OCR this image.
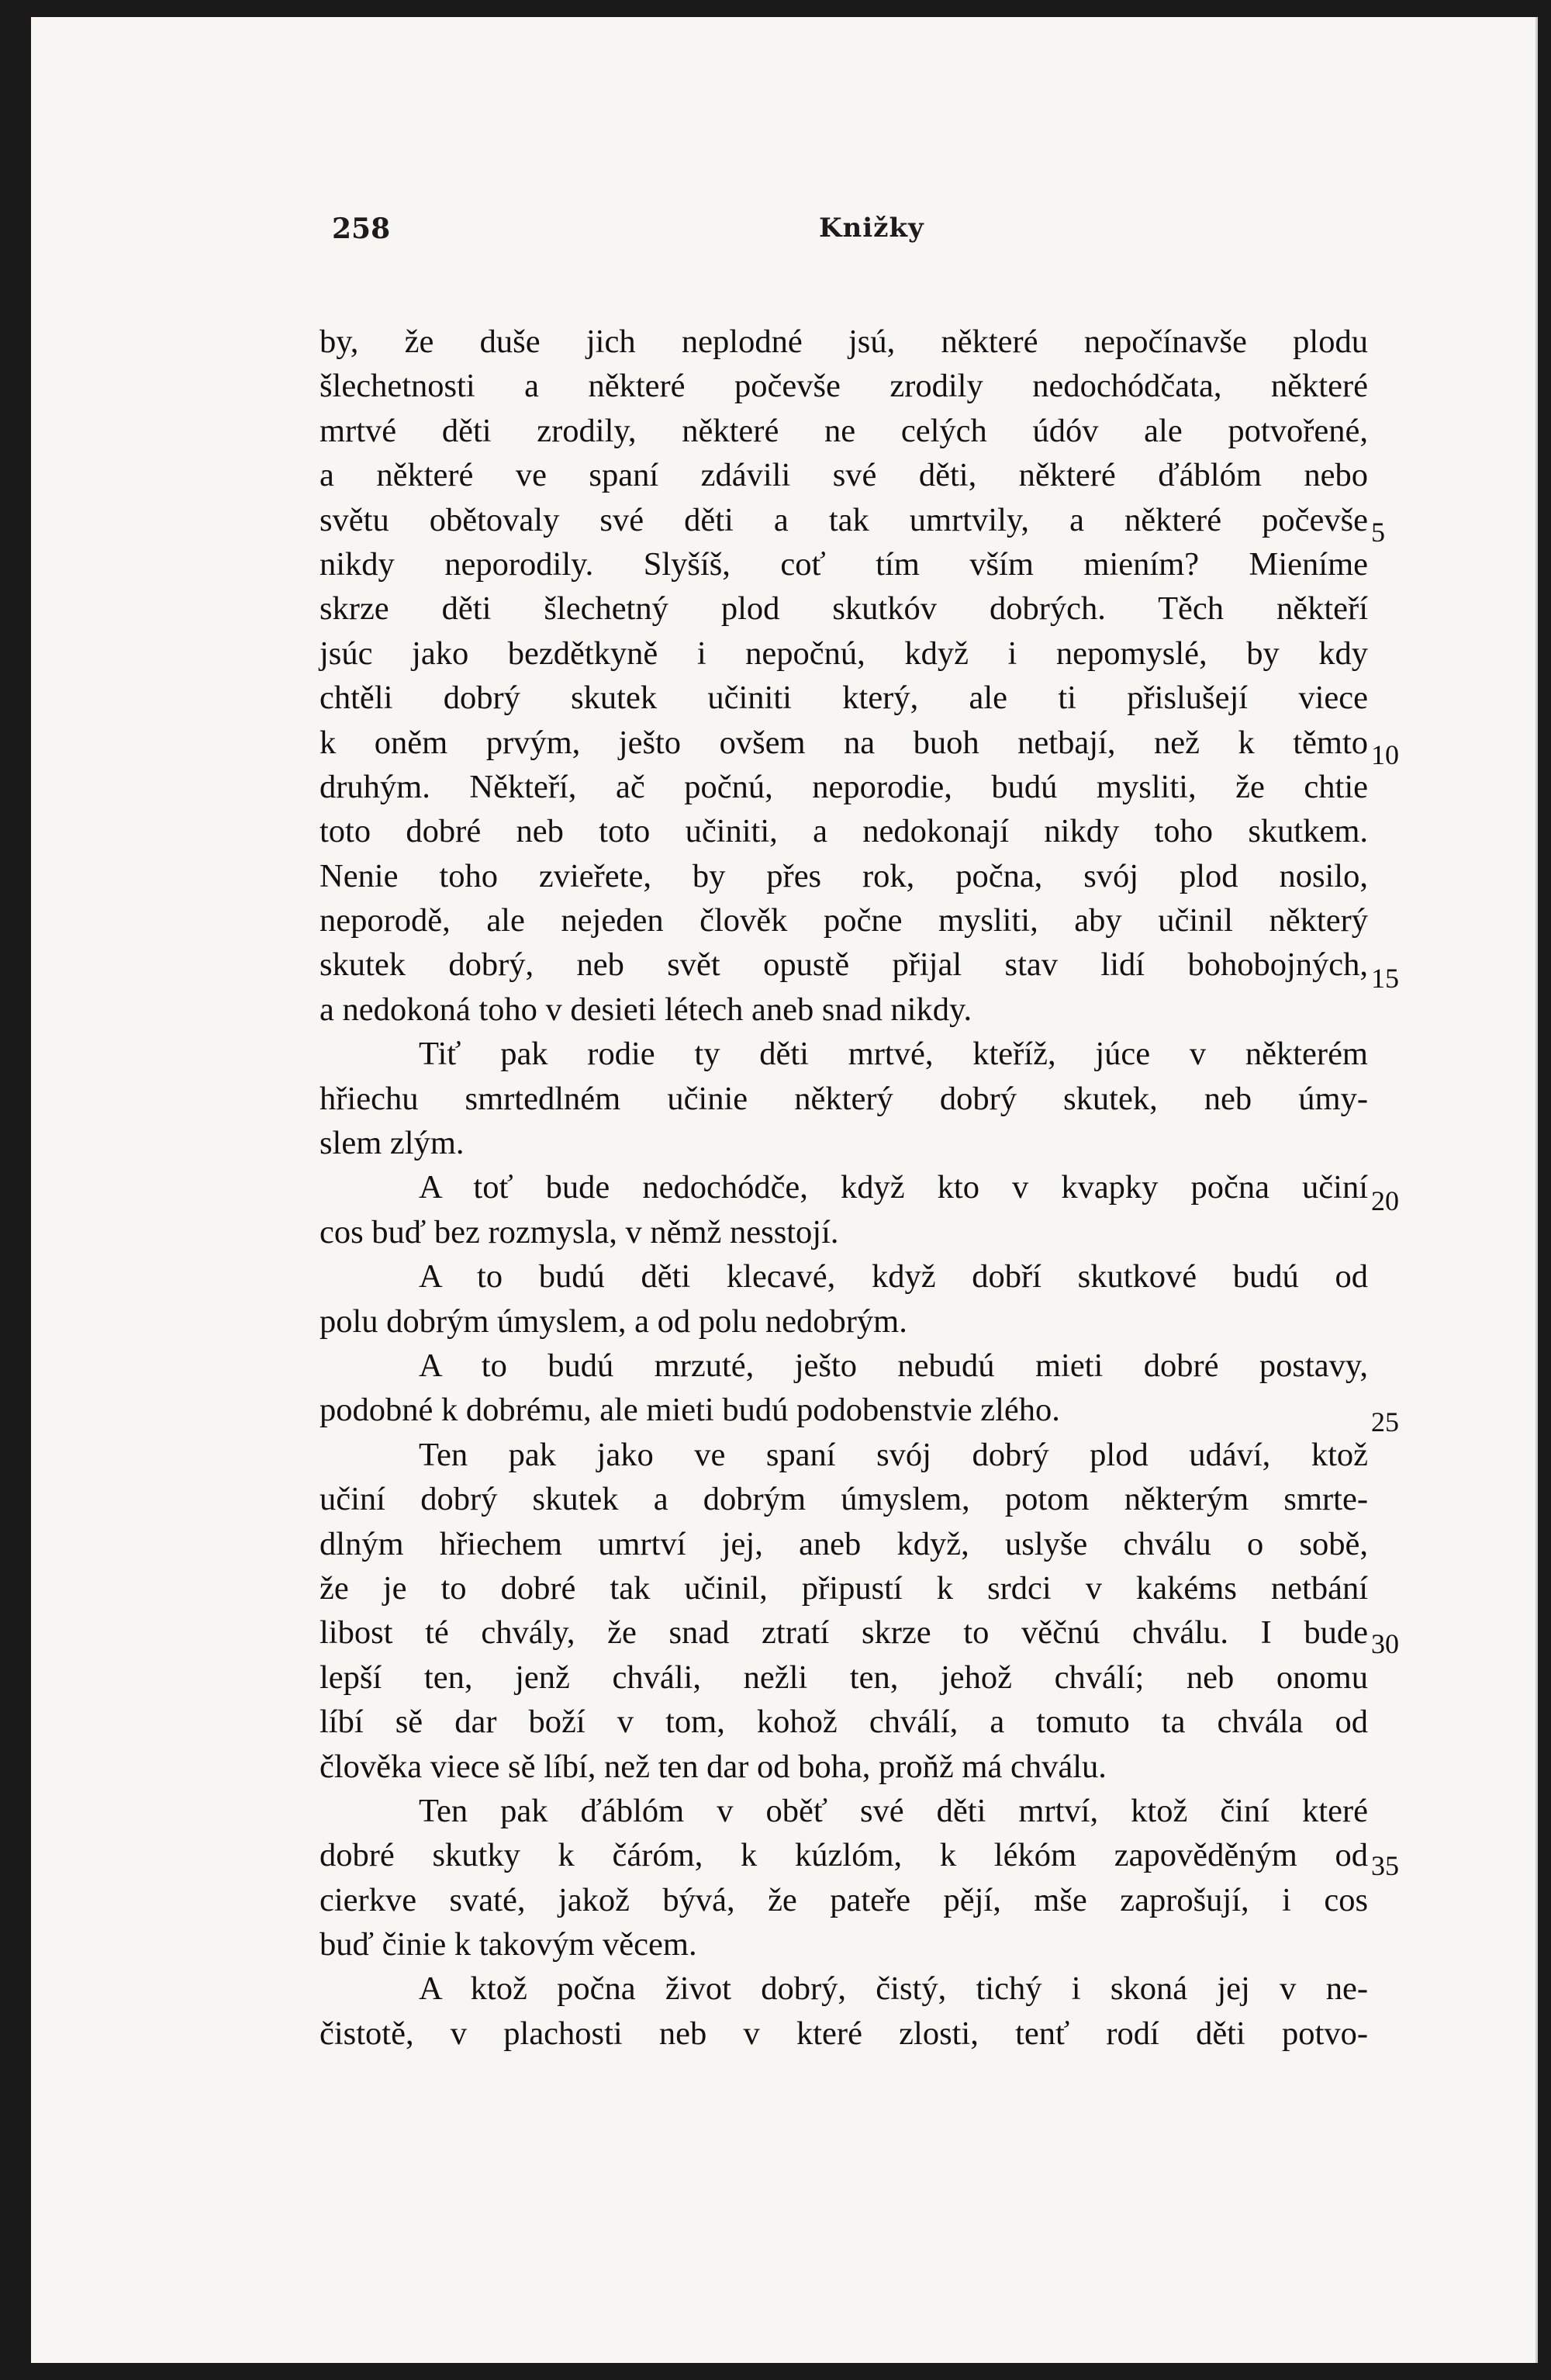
258	Knižky
by, že duše jich neplodné jsú, některé nepočínavše plodu
šlechetnosti a některé počevše zrodily nedochódčata, některé
mrtvé děti zrodily, některé ne celých údóv ale potvořené,
a některé ve spaní zdávili své děti, některé ďáblóm nebo
světu obětovaly své děti a tak umrtvily, a některé počevše
nikdy neporodily. Slyšíš, coť tím vším miením? Mieníme
skrze děti šlechetný plod skutkóv dobrých. Těch někteří
jsúc jako bezdětkyně i nepočnú, když i nepomyslé, by kdy
chtěli dobrý skutek učiniti který, ale ti přislušejí viece
k oněm prvým, ješto ovšem na buoh netbají, než k těmto
druhým. Někteří, ač počnú, neporodie, budú mysliti, že chtie
toto dobré neb toto učiniti, a nedokonají nikdy toho skutkem.
Nenie toho zvieřete, by přes rok, počna, svój plod nosilo,
neporodě, ale nejeden člověk počne mysliti, aby učinil některý
skutek dobrý, neb svět opustě přijal stav lidí bohobojných,
a nedokoná toho v desieti létech aneb snad nikdy.
Tiť pak rodie ty děti mrtvé, kteříž, júce v některém
hřiechu smrtedlném učinie některý dobrý skutek, neb úmy-
slem zlým.
A toť bude nedochódče, když kto v kvapky počna učiní
cos buď bez rozmysla, v němž nesstojí.
A to budú děti klecavé, když dobří skutkové budú od
polu dobrým úmyslem, a od polu nedobrým.
A to budú mrzuté, ješto nebudú mieti dobré postavy,
podobné k dobrému, ale mieti budú podobenstvie zlého.
Ten pak jako ve spaní svój dobrý plod udáví, ktož
učiní dobrý skutek a dobrým úmyslem, potom některým smrte-
dlným hřiechem umrtví jej, aneb když, uslyše chválu o sobě,
že je to dobré tak učinil, připustí k srdci v kakéms netbání
libost té chvály, že snad ztratí skrze to věčnú chválu. I bude
lepší ten, jenž chváli, nežli ten, jehož chválí; neb onomu
líbí sě dar boží v tom, kohož chválí, a tomuto ta chvála od
člověka viece sě líbí, než ten dar od boha, proňž má chválu.
Ten pak ďáblóm v oběť své děti mrtví, ktož činí které
dobré skutky k čáróm, k kúzlóm, k lékóm zapověděným od
cierkve svaté, jakož bývá, že pateře pějí, mše zaprošují, i cos
buď činie k takovým věcem.
A ktož počna život dobrý, čistý, tichý i skoná jej v ne-
čistotě, v plachosti neb v které zlosti, tenť rodí děti potvo-
5
10
15
20
25
30
35
